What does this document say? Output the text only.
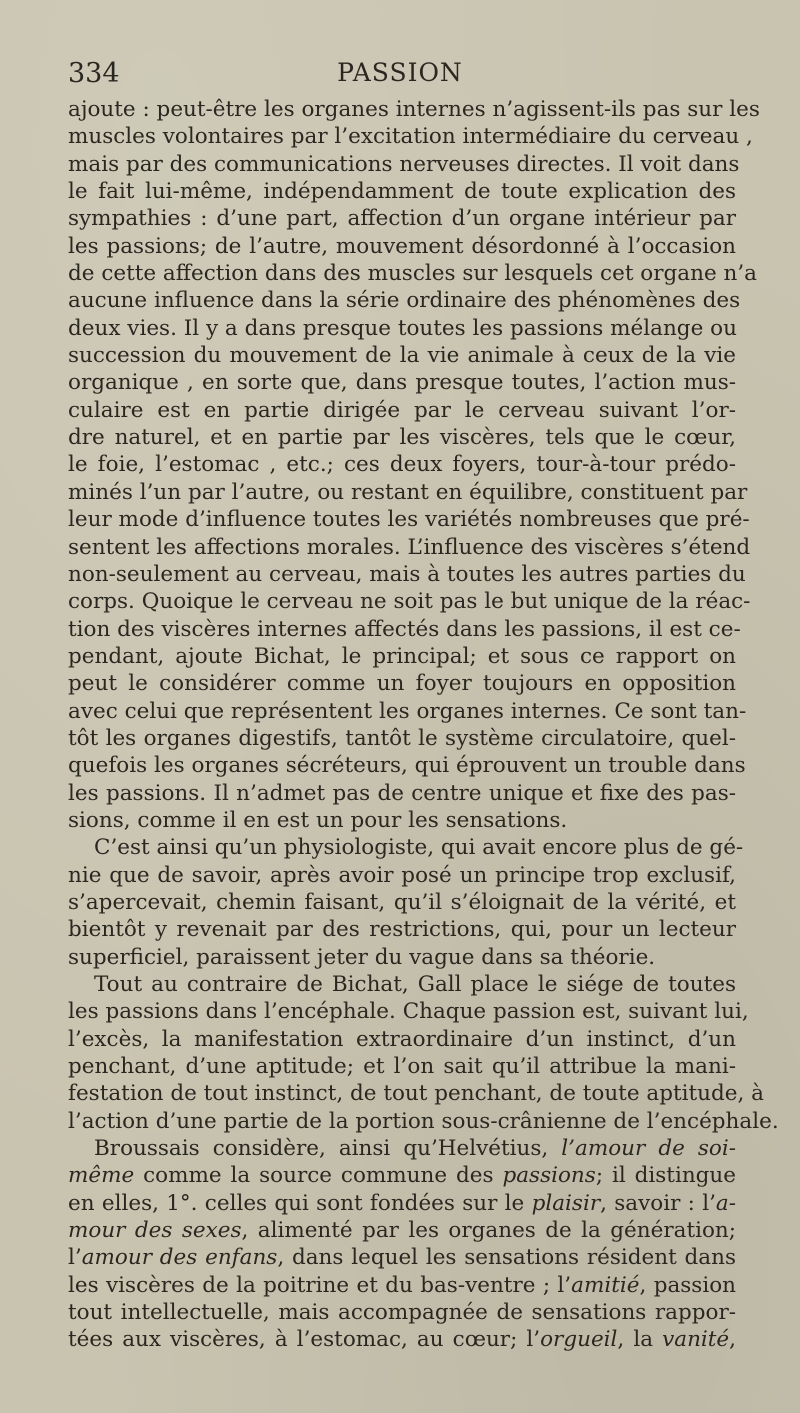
334	PASSION
ajoute : peut-être les organes internes n’agissent-ils pas sur les
muscles volontaires par l’excitation intermédiaire du cerveau ,
mais par des communications nerveuses directes. Il voit dans
le fait lui-même, indépendamment de toute explication des
sympathies : d’une part, affection d’un organe intérieur par
les passions; de l’autre, mouvement désordonné à l’occasion
de cette affection dans des muscles sur lesquels cet organe n’a
aucune influence dans la série ordinaire des phénomènes des
deux vies. Il y a dans presque toutes les passions mélange ou
succession du mouvement de la vie animale à ceux de la vie
organique , en sorte que, dans presque toutes, l’action mus-
culaire est en partie dirigée par le cerveau suivant l’or-
dre naturel, et en partie par les viscères, tels que le cœur,
le foie, l’estomac , etc.; ces deux foyers, tour-à-tour prédo-
minés l’un par l’autre, ou restant en équilibre, constituent par
leur mode d’influence toutes les variétés nombreuses que pré-
sentent les affections morales. L’influence des viscères s’étend
non-seulement au cerveau, mais à toutes les autres parties du
corps. Quoique le cerveau ne soit pas le but unique de la réac-
tion des viscères internes affectés dans les passions, il est ce-
pendant, ajoute Bichat, le principal; et sous ce rapport on
peut le considérer comme un foyer toujours en opposition
avec celui que représentent les organes internes. Ce sont tan-
tôt les organes digestifs, tantôt le système circulatoire, quel-
quefois les organes sécréteurs, qui éprouvent un trouble dans
les passions. Il n’admet pas de centre unique et fixe des pas-
sions, comme il en est un pour les sensations.
C’est ainsi qu’un physiologiste, qui avait encore plus de gé-
nie que de savoir, après avoir posé un principe trop exclusif,
s’apercevait, chemin faisant, qu’il s’éloignait de la vérité, et
bientôt y revenait par des restrictions, qui, pour un lecteur
superficiel, paraissent jeter du vague dans sa théorie.
Tout au contraire de Bichat, Gall place le siége de toutes
les passions dans l’encéphale. Chaque passion est, suivant lui,
l’excès, la manifestation extraordinaire d’un instinct, d’un
penchant, d’une aptitude; et l’on sait qu’il attribue la mani-
festation de tout instinct, de tout penchant, de toute aptitude, à
l’action d’une partie de la portion sous-crânienne de l’encéphale.
Broussais considère, ainsi qu’Helvétius, l’amour de soi-
même comme la source commune des passions; il distingue
en elles, 1°. celles qui sont fondées sur le plaisir, savoir : l’a-
mour des sexes, alimenté par les organes de la génération;
l’amour des enfans, dans lequel les sensations résident dans
les viscères de la poitrine et du bas-ventre ; l’amitié, passion
tout intellectuelle, mais accompagnée de sensations rappor-
tées aux viscères, à l’estomac, au cœur; l’orgueil, la vanité,
